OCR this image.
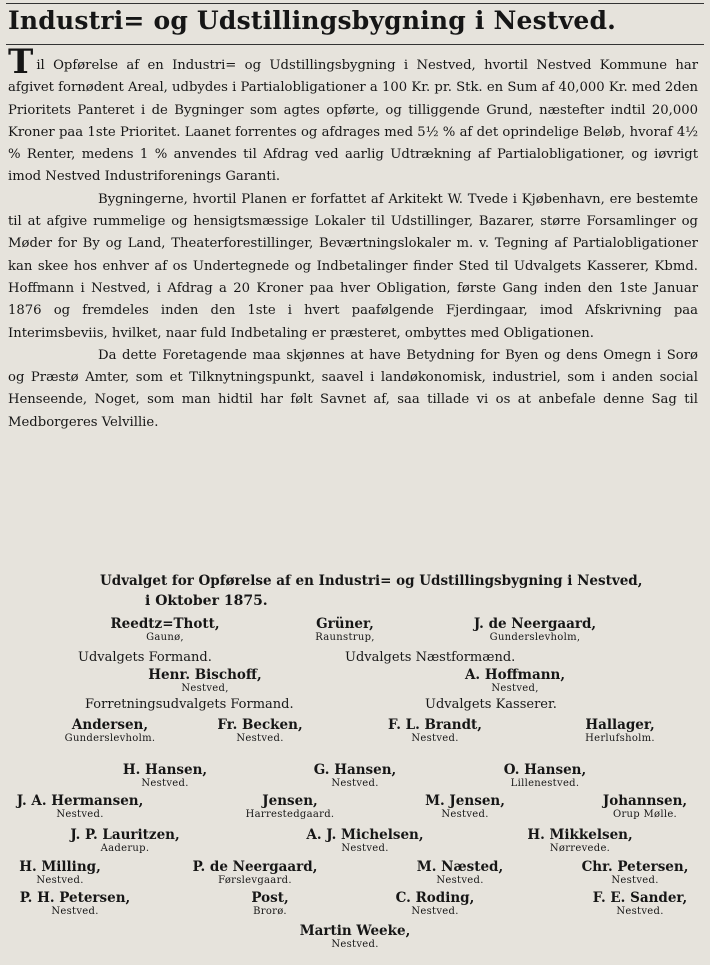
Industri= og Udstillingsbygning i Nestved.

Til Opførelse af en Industri= og Udstillingsbygning i Nestved, hvortil Nestved Kommune har afgivet fornødent Areal, udbydes i Partialobligationer a 100 Kr. pr. Stk. en Sum af 40,000 Kr. med 2den Prioritets Panteret i de Bygninger som agtes opførte, og tilliggende Grund, næstefter indtil 20,000 Kroner paa 1ste Prioritet. Laanet forrentes og afdrages med 5½ % af det oprindelige Beløb, hvoraf 4½ % Renter, medens 1 % anvendes til Afdrag ved aarlig Udtrækning af Partialobligationer, og iøvrigt imod Nestved Industriforenings Garanti.

Bygningerne, hvortil Planen er forfattet af Arkitekt W. Tvede i Kjøbenhavn, ere bestemte til at afgive rummelige og hensigtsmæssige Lokaler til Udstillinger, Bazarer, større Forsamlinger og Møder for By og Land, Theaterforestillinger, Beværtningslokaler m. v. Tegning af Partialobligationer kan skee hos enhver af os Undertegnede og Indbetalinger finder Sted til Udvalgets Kasserer, Kbmd. Hoffmann i Nestved, i Afdrag a 20 Kroner paa hver Obligation, første Gang inden den 1ste Januar 1876 og fremdeles inden den 1ste i hvert paafølgende Fjerdingaar, imod Afskrivning paa Interimsbeviis, hvilket, naar fuld Indbetaling er præsteret, ombyttes med Obligationen.

Da dette Foretagende maa skjønnes at have Betydning for Byen og dens Omegn i Sorø og Præstø Amter, som et Tilknytningspunkt, saavel i landøkonomisk, industriel, som i anden social Henseende, Noget, som man hidtil har følt Savnet af, saa tillade vi os at anbefale denne Sag til Medborgeres Velvillie.

Udvalget for Opførelse af en Industri= og Udstillingsbygning i Nestved,
i Oktober 1875.
Reedtz=Thott,
Gaunø,
Grüner,
Raunstrup,
J. de Neergaard,
Gunderslevholm,
Udvalgets Formand.	Udvalgets Næstformænd.
Henr. Bischoff,
Nestved,
A. Hoffmann,
Nestved,
Forretningsudvalgets Formand.	Udvalgets Kasserer.
Andersen,
Gunderslevholm.
Fr. Becken,
Nestved.
F. L. Brandt,
Nestved.
Hallager,
Herlufsholm.
H. Hansen,
Nestved.
G. Hansen,
Nestved.
O. Hansen,
Lillenestved.
J. A. Hermansen,
Nestved.
Jensen,
Harrestedgaard.
M. Jensen,
Nestved.
Johannsen,
Orup Mølle.
J. P. Lauritzen,
Aaderup.
A. J. Michelsen,
Nestved.
H. Mikkelsen,
Nørrevede.
H. Milling,
Nestved.
P. de Neergaard,
Førslevgaard.
M. Næsted,
Nestved.
Chr. Petersen,
Nestved.
P. H. Petersen,
Nestved.
Post,
Brorø.
C. Roding,
Nestved.
F. E. Sander,
Nestved.
Martin Weeke,
Nestved.
